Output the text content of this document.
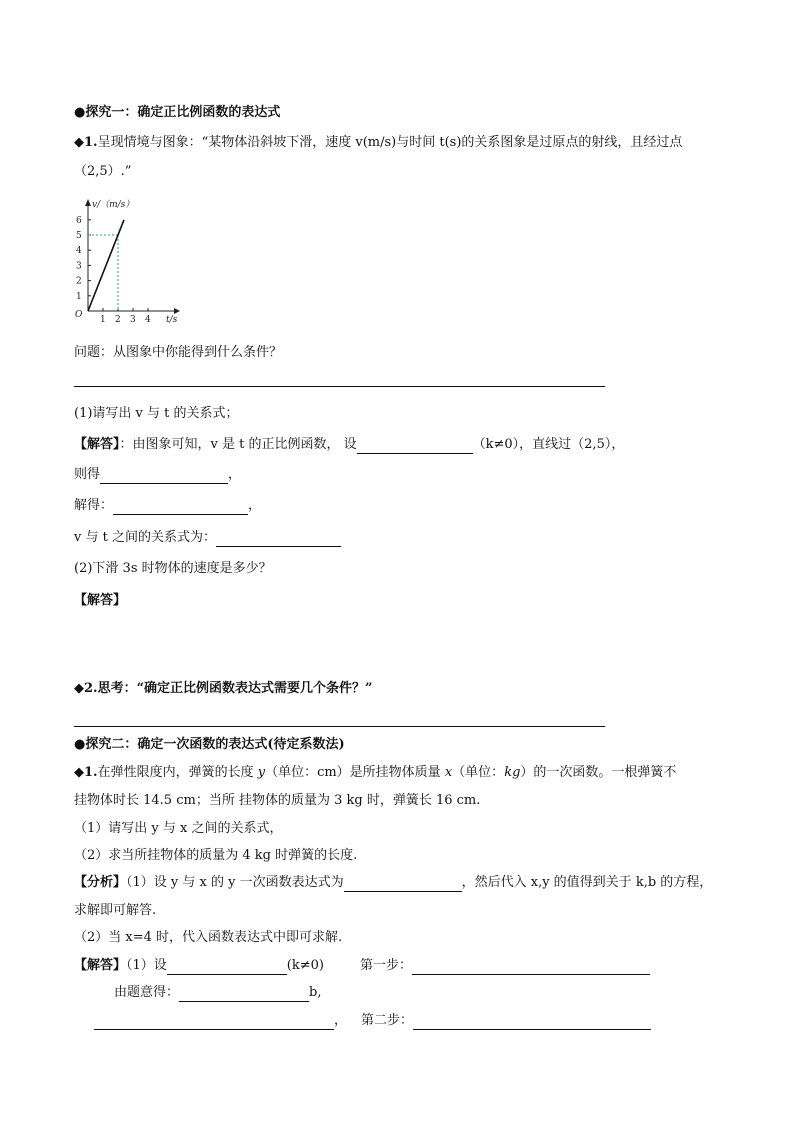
●探究一：确定正比例函数的表达式
◆1.呈现情境与图象：“某物体沿斜坡下滑，速度 v(m/s)与时间 t(s)的关系图象是过原点的射线，且经过点
（2,5）.”
v/（m/s）
t/s
O
1
2
3
4
5
6
1 2 3 4
问题：从图象中你能得到什么条件？
(1)请写出 v 与 t 的关系式；
【解答】：由图象可知，v 是 t 的正比例函数， 设	（k≠0），直线过（2,5），
则得	，
解得：	，
v 与 t 之间的关系式为：
(2)下滑 3s 时物体的速度是多少？
【解答】
◆2.思考：“确定正比例函数表达式需要几个条件？”
●探究二：确定一次函数的表达式(待定系数法)
◆1.在弹性限度内，弹簧的长度 y（单位：cm）是所挂物体质量 x（单位：kg）的一次函数。一根弹簧不
挂物体时长 14.5 cm；当所 挂物体的质量为 3 kg 时，弹簧长 16 cm.
（1）请写出 y 与 x 之间的关系式，
（2）求当所挂物体的质量为 4 kg 时弹簧的长度.
【分析】（1）设 y 与 x 的 y 一次函数表达式为	，然后代入 x,y 的值得到关于 k,b 的方程，
求解即可解答.
（2）当 x=4 时，代入函数表达式中即可求解.
【解答】（1）设	(k≠0)	第一步：
由题意得：	b,
， 第二步：
